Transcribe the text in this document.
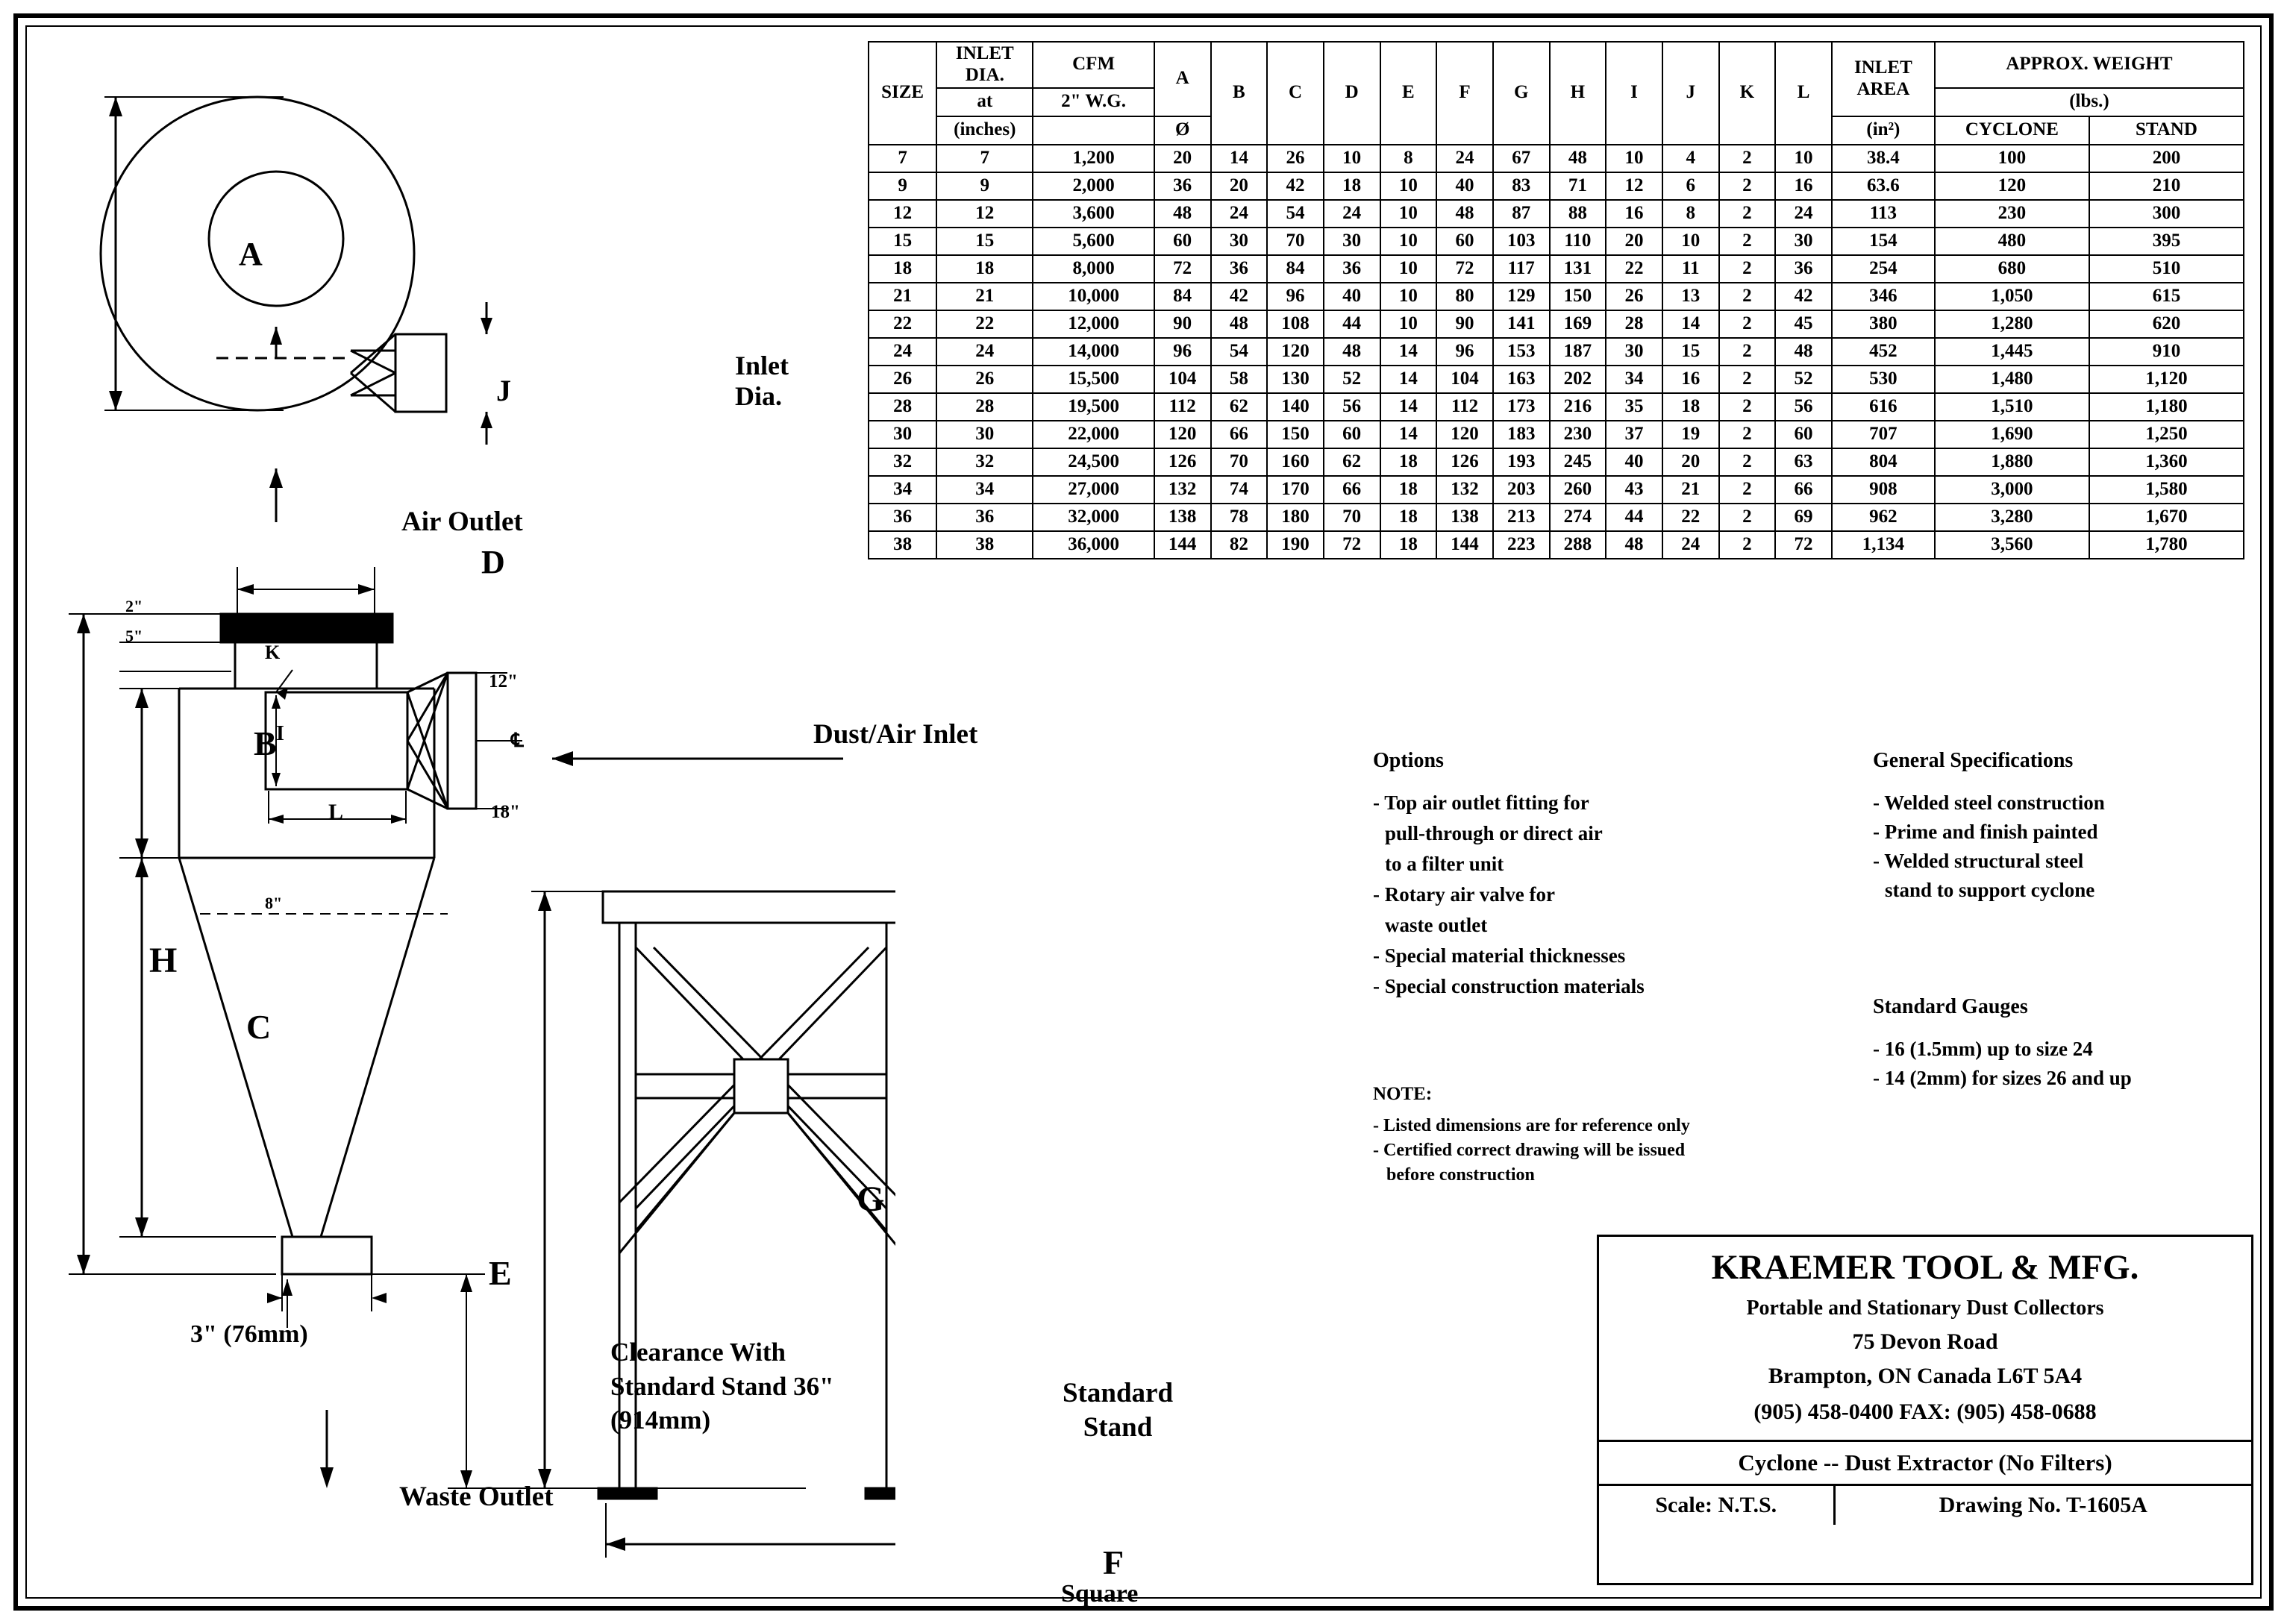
A
J
Inlet Dia.
Air Outlet
D
2"
5"
B
C
H
K
I
L
12"
18"
℄	Dust/Air Inlet
8"
E
3" (76mm)
Waste Outlet
Clearance With Standard Stand 36" (914mm)
G
Standard Stand
F
Square
SIZE	INLET DIA.	CFM	A	B	C	D	E	F	G	H	I	J	K	L	INLET AREA	APPROX. WEIGHT	
	at	2" W.G.														(lbs.)	
	(inches)		Ø												(in²)	CYCLONE	STAND
7	7	1,200	20	14	26	10	8	24	67	48	10	4	2	10	38.4	100	200
9	9	2,000	36	20	42	18	10	40	83	71	12	6	2	16	63.6	120	210
12	12	3,600	48	24	54	24	10	48	87	88	16	8	2	24	113	230	300
15	15	5,600	60	30	70	30	10	60	103	110	20	10	2	30	154	480	395
18	18	8,000	72	36	84	36	10	72	117	131	22	11	2	36	254	680	510
21	21	10,000	84	42	96	40	10	80	129	150	26	13	2	42	346	1,050	615
22	22	12,000	90	48	108	44	10	90	141	169	28	14	2	45	380	1,280	620
24	24	14,000	96	54	120	48	14	96	153	187	30	15	2	48	452	1,445	910
26	26	15,500	104	58	130	52	14	104	163	202	34	16	2	52	530	1,480	1,120
28	28	19,500	112	62	140	56	14	112	173	216	35	18	2	56	616	1,510	1,180
30	30	22,000	120	66	150	60	14	120	183	230	37	19	2	60	707	1,690	1,250
32	32	24,500	126	70	160	62	18	126	193	245	40	20	2	63	804	1,880	1,360
34	34	27,000	132	74	170	66	18	132	203	260	43	21	2	66	908	3,000	1,580
36	36	32,000	138	78	180	70	18	138	213	274	44	22	2	69	962	3,280	1,670
38	38	36,000	144	82	190	72	18	144	223	288	48	24	2	72	1,134	3,560	1,780
Options
- Top air outlet fitting for
pull-through or direct air
to a filter unit
- Rotary air valve for
waste outlet
- Special material thicknesses
- Special construction materials
NOTE:
- Listed dimensions are for reference only
- Certified correct drawing will be issued
before construction
General Specifications
- Welded steel construction
- Prime and finish painted
- Welded structural steel
stand to support cyclone
Standard Gauges
- 16 (1.5mm) up to size 24
- 14 (2mm) for sizes 26 and up
KRAEMER TOOL & MFG.
Portable and Stationary Dust Collectors
75 Devon Road
Brampton, ON Canada L6T 5A4
(905) 458-0400 FAX: (905) 458-0688
Cyclone -- Dust Extractor (No Filters)
Scale: N.T.S.	Drawing No. T-1605A
